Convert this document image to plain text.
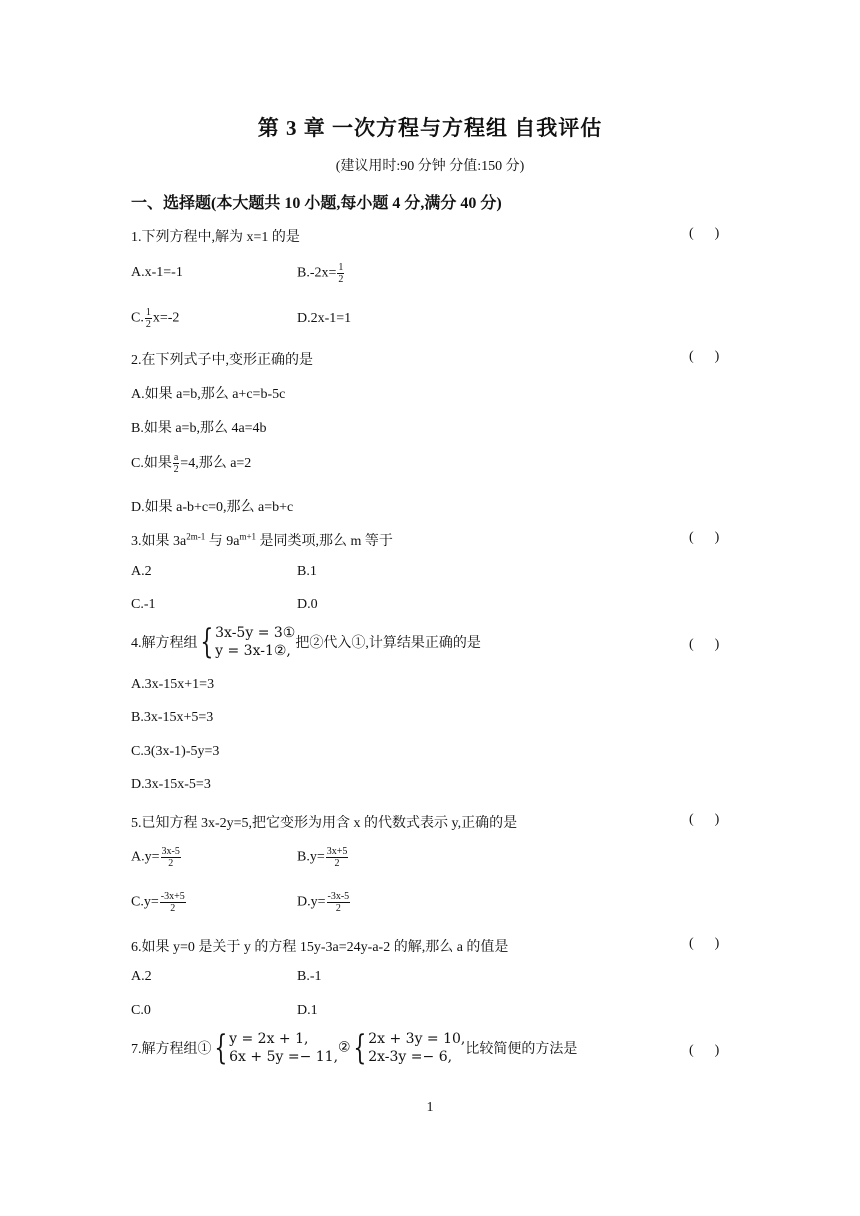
第 3 章 一次方程与方程组 自我评估
(建议用时:90 分钟 分值:150 分)
一、选择题(本大题共 10 小题,每小题 4 分,满分 40 分)
1.下列方程中,解为 x=1 的是	(      )
A.x-1=-1	$B.-2x= \frac{1}{2}$
C. $\frac{1}{2} x=-2$	D.2x-1=1
2.在下列式子中,变形正确的是	(      )
A.如果 a=b,那么 a+c=b-5c
B.如果 a=b,那么 4a=4b
C.如果 $\frac{a}{2} =4$,那么 a=2
D.如果 a-b+c=0,那么 a=b+c
3.如果 $3a^{2m-1}$ 与 $9a^{m+1}$ 是同类项,那么 m 等于	(      )
A.2	B.1
C.-1	D.0
4.解方程组{ 3x-5y = 3①
y = 3x-1②, 把②代入①,计算结果正确的是	(      )
A.3x-15x+1=3
B.3x-15x+5=3
C.3(3x-1)-5y=3
D.3x-15x-5=3
5.已知方程 3x-2y=5,把它变形为用含 x 的代数式表示 y,正确的是	(      )
$A.y= \frac{3x-5}{2}$	$B.y= \frac{3x+5}{2}$
$C.y= \frac{-3x+5}{2}$	$D.y= \frac{-3x-5}{2}$
6.如果 y=0 是关于 y 的方程 15y-3a=24y-a-2 的解,那么 a 的值是	(      )
A.2	B.-1
C.0	D.1
7.解方程组①{ y = 2x + 1,
6x + 5y =− 11,
②{ 2x + 3y = 10,
2x-3y =− 6, 比较简便的方法是	(      )
1
